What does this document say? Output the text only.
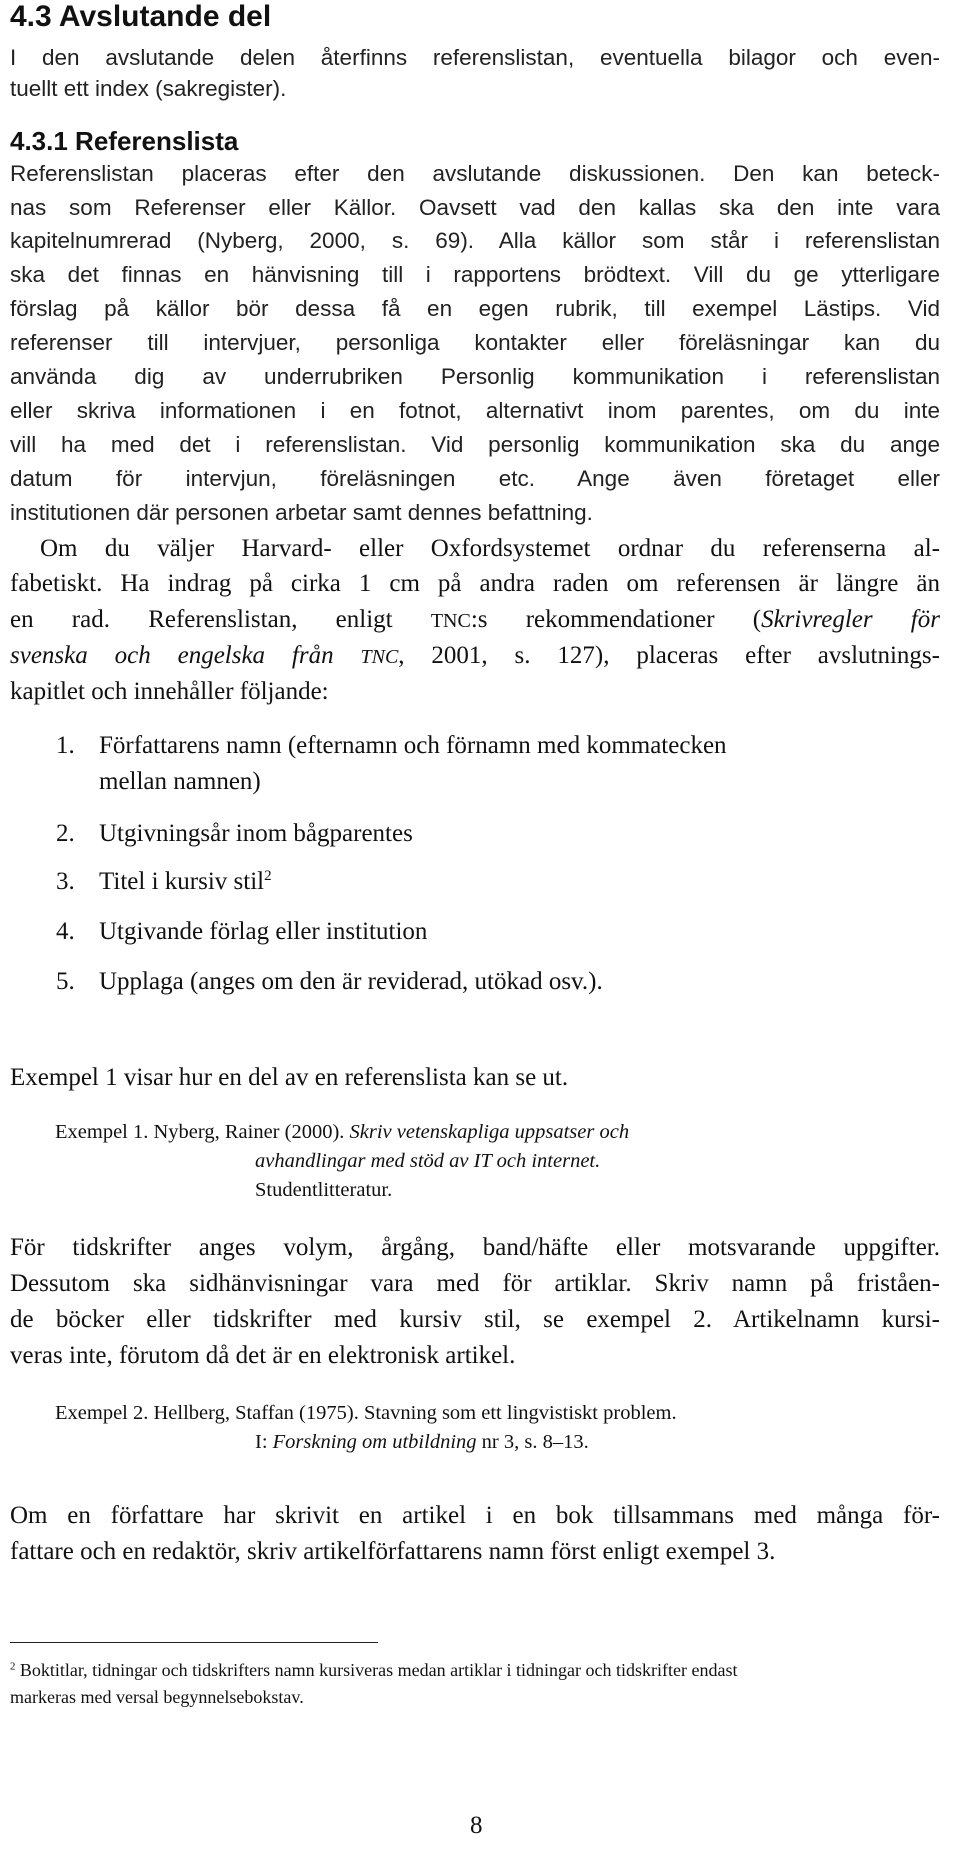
4.3 Avslutande del
I den avslutande delen återfinns referenslistan, eventuella bilagor och even-
tuellt ett index (sakregister).
4.3.1 Referenslista
Referenslistan placeras efter den avslutande diskussionen. Den kan beteck-
nas som Referenser eller Källor. Oavsett vad den kallas ska den inte vara
kapitelnumrerad (Nyberg, 2000, s. 69). Alla källor som står i referenslistan
ska det finnas en hänvisning till i rapportens brödtext. Vill du ge ytterligare
förslag på källor bör dessa få en egen rubrik, till exempel Lästips. Vid
referenser till intervjuer, personliga kontakter eller föreläsningar kan du
använda dig av underrubriken Personlig kommunikation i referenslistan
eller skriva informationen i en fotnot, alternativt inom parentes, om du inte
vill ha med det i referenslistan. Vid personlig kommunikation ska du ange
datum för intervjun, föreläsningen etc. Ange även företaget eller
institutionen där personen arbetar samt dennes befattning.
Om du väljer Harvard- eller Oxfordsystemet ordnar du referenserna al-
fabetiskt. Ha indrag på cirka 1 cm på andra raden om referensen är längre än
en rad. Referenslistan, enligt TNC:s rekommendationer (Skrivregler för
svenska och engelska från TNC, 2001, s. 127), placeras efter avslutnings-
kapitlet och innehåller följande:
1. Författarens namn (efternamn och förnamn med kommatecken
mellan namnen)
2. Utgivningsår inom bågparentes
3. Titel i kursiv stil$^2$
4. Utgivande förlag eller institution
5. Upplaga (anges om den är reviderad, utökad osv.).
Exempel 1 visar hur en del av en referenslista kan se ut.
Exempel 1. Nyberg, Rainer (2000). Skriv vetenskapliga uppsatser och
avhandlingar med stöd av IT och internet.
Studentlitteratur.
För tidskrifter anges volym, årgång, band/häfte eller motsvarande uppgifter.
Dessutom ska sidhänvisningar vara med för artiklar. Skriv namn på friståen-
de böcker eller tidskrifter med kursiv stil, se exempel 2. Artikelnamn kursi-
veras inte, förutom då det är en elektronisk artikel.
Exempel 2. Hellberg, Staffan (1975). Stavning som ett lingvistiskt problem.
I: Forskning om utbildning nr 3, s. 8–13.
Om en författare har skrivit en artikel i en bok tillsammans med många för-
fattare och en redaktör, skriv artikelförfattarens namn först enligt exempel 3.
$^2$ Boktitlar, tidningar och tidskrifters namn kursiveras medan artiklar i tidningar och tidskrifter endast
markeras med versal begynnelsebokstav.
8
